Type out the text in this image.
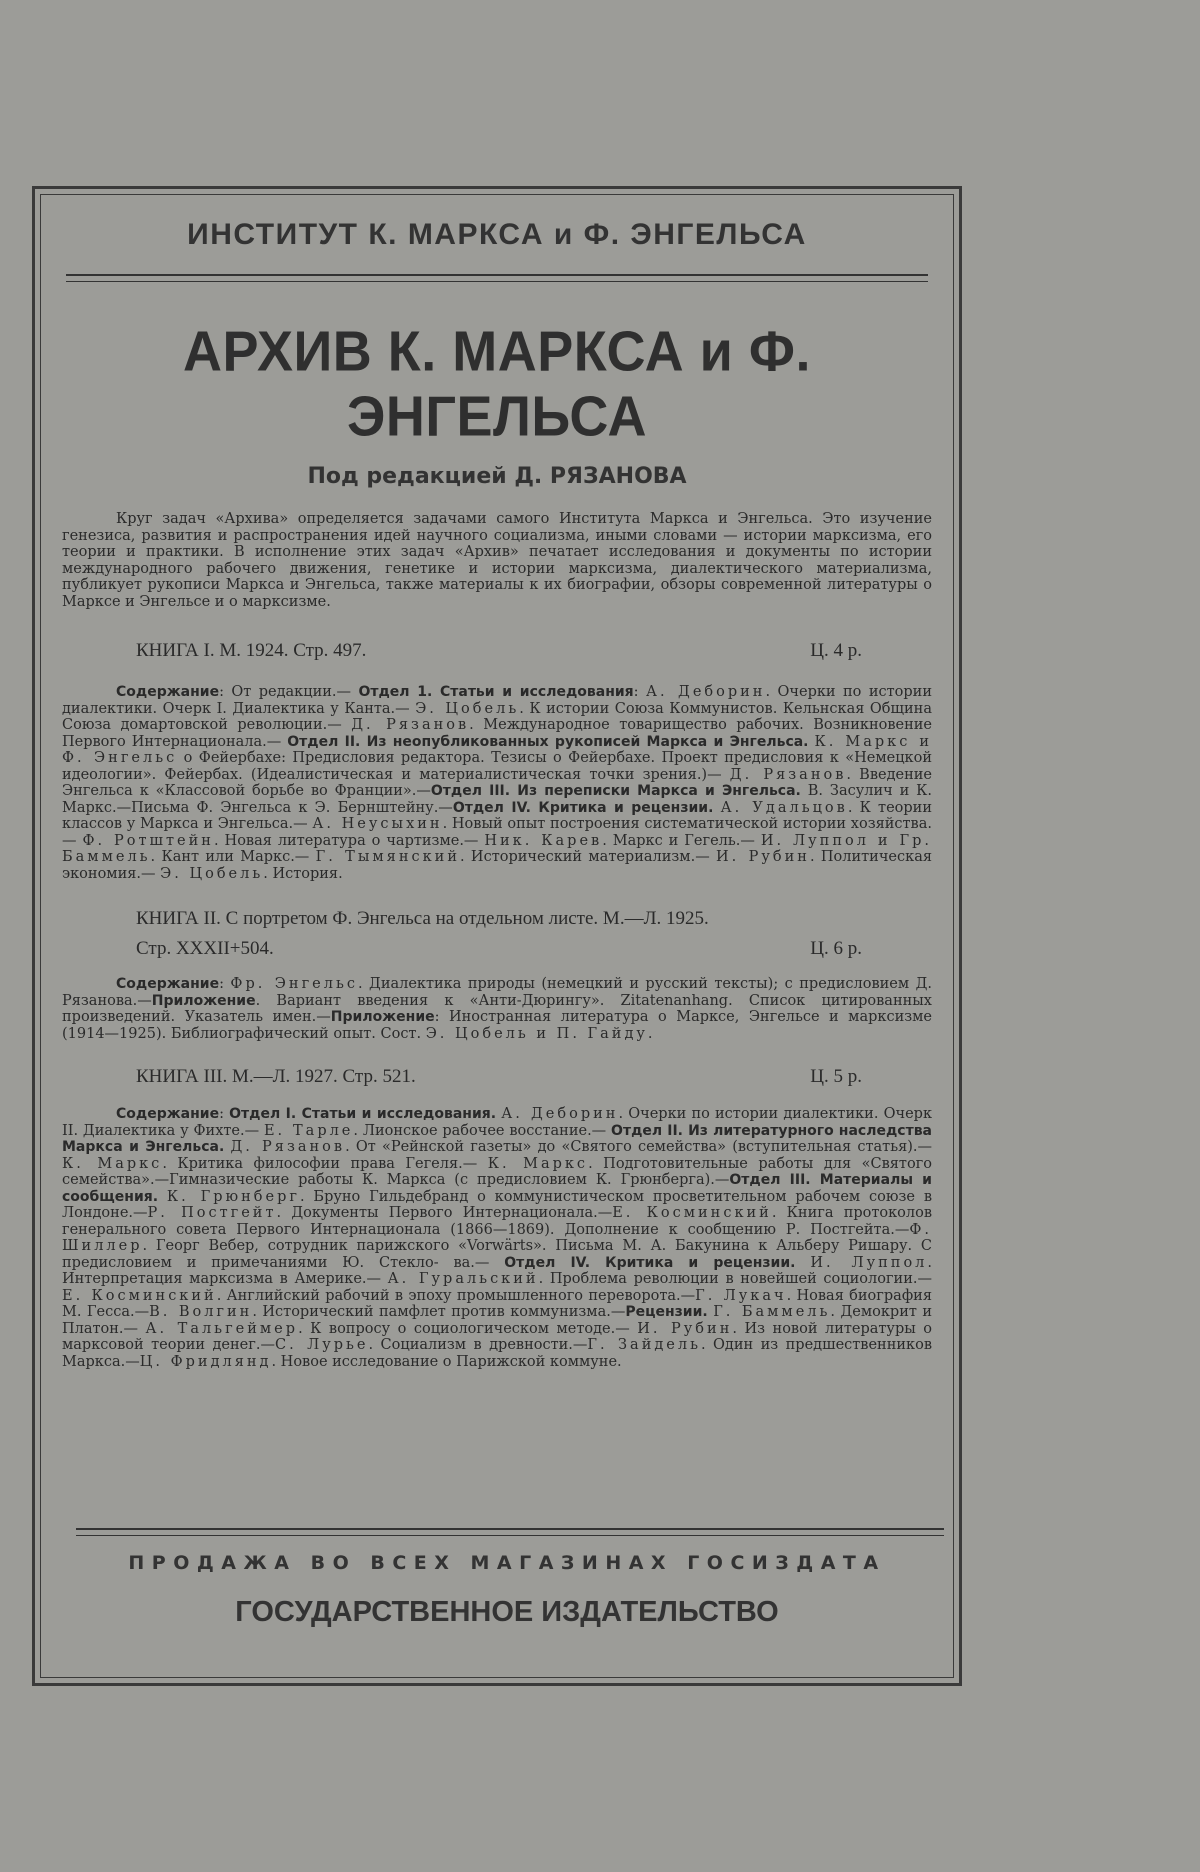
ИНСТИТУТ К. МАРКСА и Ф. ЭНГЕЛЬСА
АРХИВ К. МАРКСА и Ф. ЭНГЕЛЬСА
Под редакцией Д. РЯЗАНОВА
Круг задач «Архива» определяется задачами самого Института Маркса и Энгельса. Это изучение генезиса, развития и распространения идей научного социализма, иными словами — истории марксизма, его теории и практики. В исполнение этих задач «Архив» печатает исследования и документы по истории международного рабочего движения, генетике и истории марксизма, диалектического материализма, публикует рукописи Маркса и Энгельса, также материалы к их биографии, обзоры современной литературы о Марксе и Энгельсе и о марксизме.
КНИГА I. М. 1924. Стр. 497.	Ц. 4 р.
Содержание: От редакции.— Отдел 1. Статьи и исследования: А. Деборин. Очерки по истории диалектики. Очерк I. Диалектика у Канта.— Э. Цобель. К истории Союза Коммунистов. Кельнская Община Союза домартовской революции.— Д. Рязанов. Международное товарищество рабочих. Возникновение Первого Интернационала.— Отдел II. Из неопубликованных рукописей Маркса и Энгельса. К. Маркс и Ф. Энгельс о Фейербахе: Предисловия редактора. Тезисы о Фейербахе. Проект предисловия к «Немецкой идеологии». Фейербах. (Идеалистическая и материалистическая точки зрения.)— Д. Рязанов. Введение Энгельса к «Классовой борьбе во Франции».—Отдел III. Из переписки Маркса и Энгельса. В. Засулич и К. Маркс.—Письма Ф. Энгельса к Э. Бернштейну.—Отдел IV. Критика и рецензии. А. Удальцов. К теории классов у Маркса и Энгельса.— А. Неусыхин. Новый опыт построения систематической истории хозяйства.— Ф. Ротштейн. Новая литература о чартизме.— Ник. Карев. Маркс и Гегель.— И. Луппол и Гр. Баммель. Кант или Маркс.— Г. Тымянский. Исторический материализм.— И. Рубин. Политическая экономия.— Э. Цобель. История.
КНИГА II. С портретом Ф. Энгельса на отдельном листе. М.—Л. 1925.
Стр. XXXII+504.	Ц. 6 р.
Содержание: Фр. Энгельс. Диалектика природы (немецкий и русский тексты); с предисловием Д. Рязанова.—Приложение. Вариант введения к «Анти-Дюрингу». Zitatenanhang. Список цитированных произведений. Указатель имен.—Приложение: Иностранная литература о Марксе, Энгельсе и марксизме (1914—1925). Библиографический опыт. Сост. Э. Цобель и П. Гайду.
КНИГА III. М.—Л. 1927. Стр. 521.	Ц. 5 р.
Содержание: Отдел I. Статьи и исследования. А. Деборин. Очерки по истории диалектики. Очерк II. Диалектика у Фихте.— Е. Тарле. Лионское рабочее восстание.— Отдел II. Из литературного наследства Маркса и Энгельса. Д. Рязанов. От «Рейнской газеты» до «Святого семейства» (вступительная статья).— К. Маркс. Критика философии права Гегеля.— К. Маркс. Подготовительные работы для «Святого семейства».—Гимназические работы К. Маркса (с предисловием К. Грюнберга).—Отдел III. Материалы и сообщения. К. Грюнберг. Бруно Гильдебранд о коммунистическом просветительном рабочем союзе в Лондоне.—Р. Постгейт. Документы Первого Интернационала.—Е. Косминский. Книга протоколов генерального совета Первого Интернационала (1866—1869). Дополнение к сообщению Р. Постгейта.—Ф. Шиллер. Георг Вебер, сотрудник парижского «Vorwärts». Письма М. А. Бакунина к Альберу Ришару. С предисловием и примечаниями Ю. Стекло- ва.— Отдел IV. Критика и рецензии. И. Луппол. Интерпретация марксизма в Америке.— А. Гуральский. Проблема революции в новейшей социологии.—Е. Косминский. Английский рабочий в эпоху промышленного переворота.—Г. Лукач. Новая биография М. Гесса.—В. Волгин. Исторический памфлет против коммунизма.—Рецензии. Г. Баммель. Демокрит и Платон.— А. Тальгеймер. К вопросу о социологическом методе.— И. Рубин. Из новой литературы о марксовой теории денег.—С. Лурье. Социализм в древности.—Г. Зайдель. Один из предшественников Маркса.—Ц. Фридлянд. Новое исследование о Парижской коммуне.
ПРОДАЖА ВО ВСЕХ МАГАЗИНАХ ГОСИЗДАТА
ГОСУДАРСТВЕННОЕ ИЗДАТЕЛЬСТВО
